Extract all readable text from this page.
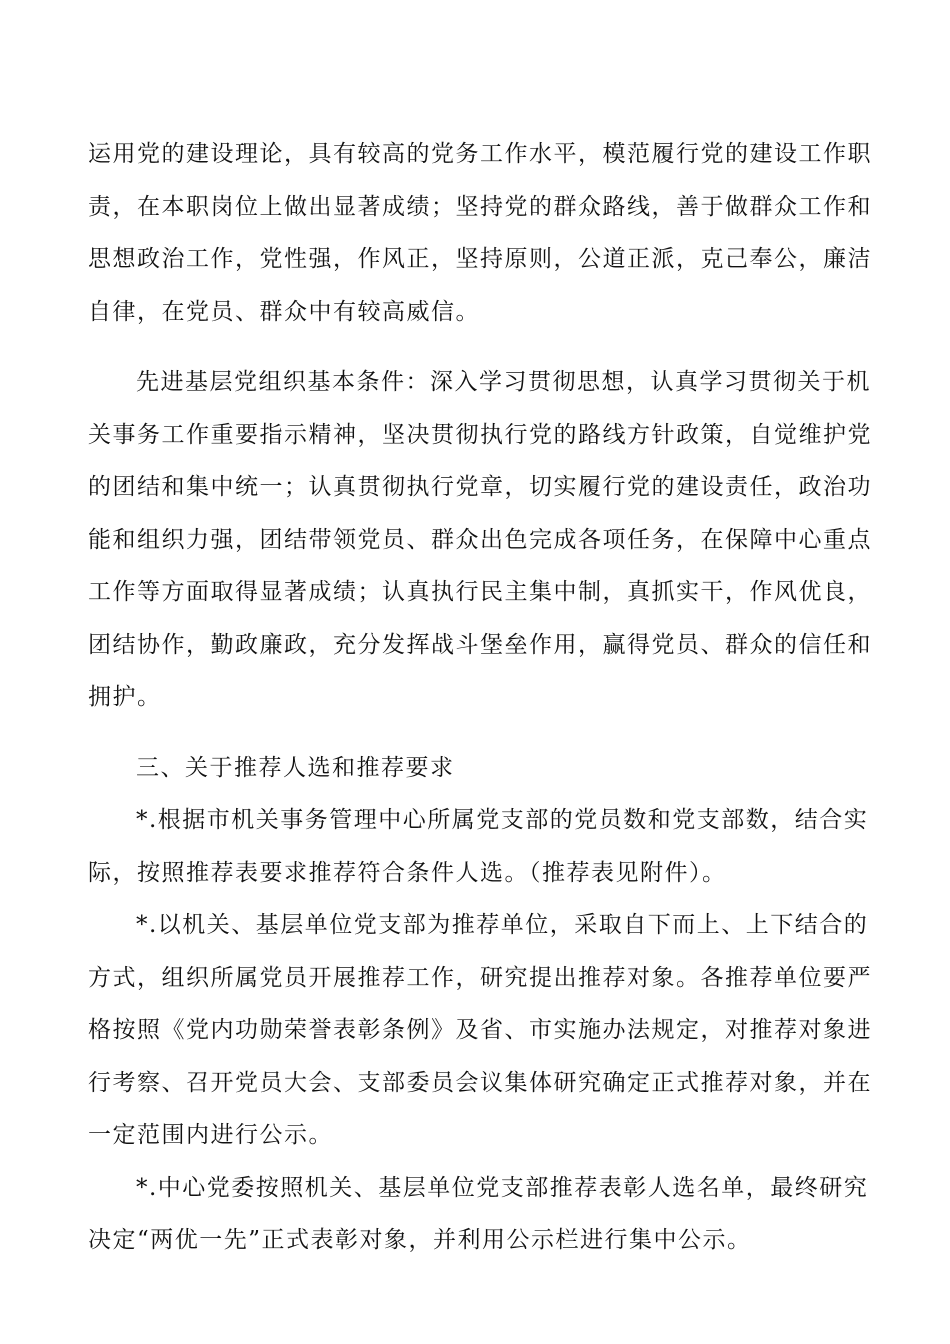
运用党的建设理论，具有较高的党务工作水平，模范履行党的建设工作职
责，在本职岗位上做出显著成绩；坚持党的群众路线，善于做群众工作和
思想政治工作，党性强，作风正，坚持原则，公道正派，克己奉公，廉洁
自律，在党员、群众中有较高威信。
先进基层党组织基本条件：深入学习贯彻思想，认真学习贯彻关于机
关事务工作重要指示精神，坚决贯彻执行党的路线方针政策，自觉维护党
的团结和集中统一；认真贯彻执行党章，切实履行党的建设责任，政治功
能和组织力强，团结带领党员、群众出色完成各项任务，在保障中心重点
工作等方面取得显著成绩；认真执行民主集中制，真抓实干，作风优良，
团结协作，勤政廉政，充分发挥战斗堡垒作用，赢得党员、群众的信任和
拥护。
三、关于推荐人选和推荐要求
*.根据市机关事务管理中心所属党支部的党员数和党支部数，结合实
际，按照推荐表要求推荐符合条件人选。（推荐表见附件）。
*.以机关、基层单位党支部为推荐单位，采取自下而上、上下结合的
方式，组织所属党员开展推荐工作，研究提出推荐对象。各推荐单位要严
格按照《党内功勋荣誉表彰条例》及省、市实施办法规定，对推荐对象进
行考察、召开党员大会、支部委员会议集体研究确定正式推荐对象，并在
一定范围内进行公示。
*.中心党委按照机关、基层单位党支部推荐表彰人选名单，最终研究
决定“两优一先”正式表彰对象，并利用公示栏进行集中公示。
